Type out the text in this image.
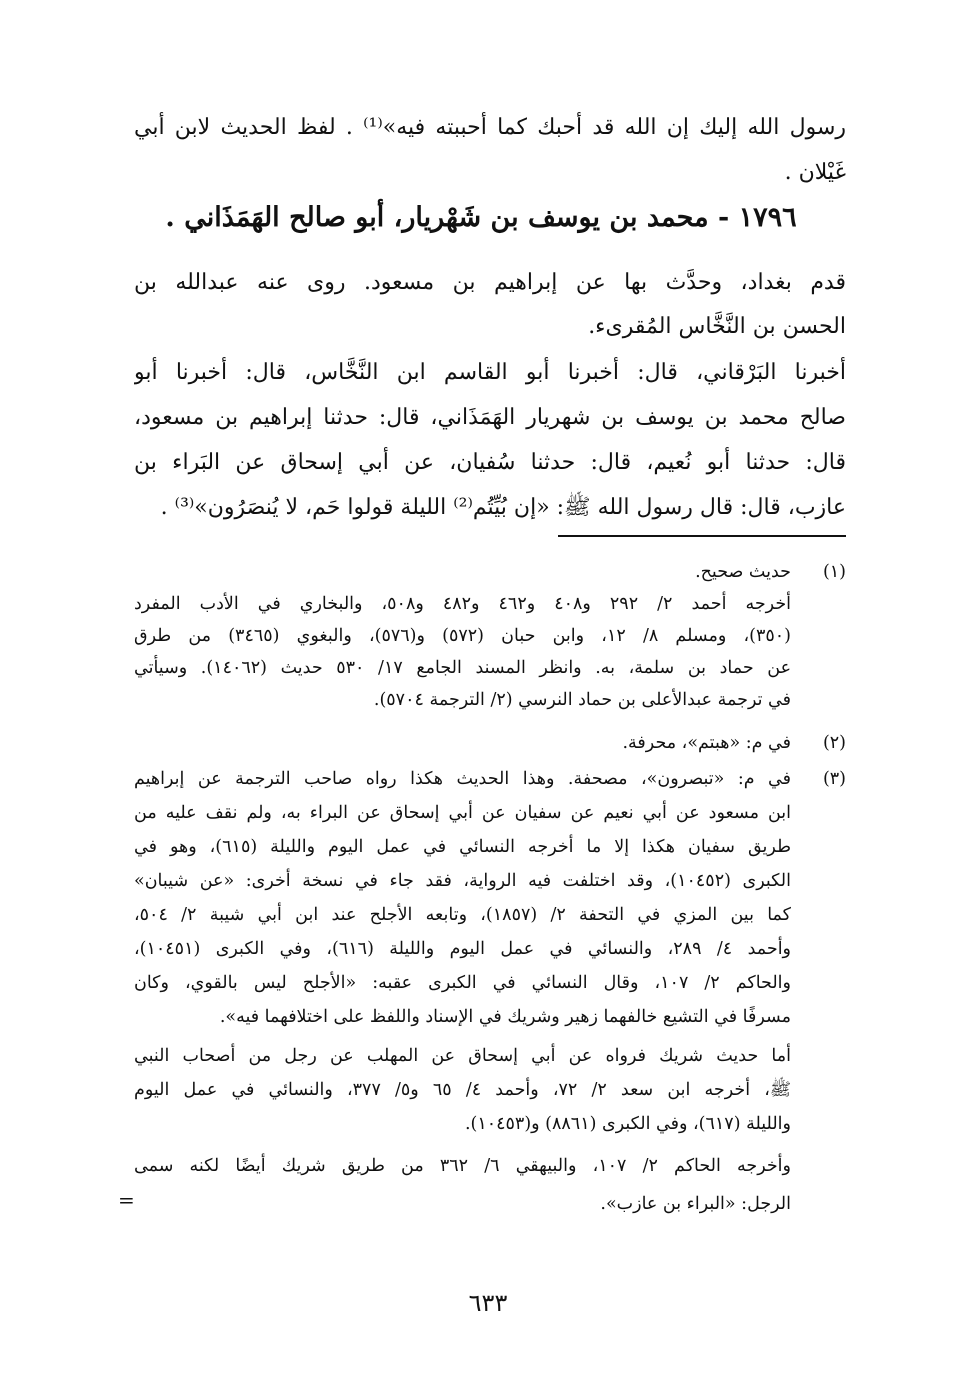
رسول الله إليك إن الله قد أحبك كما أحببته فيه»⁽¹⁾ . لفظ الحديث لابن أبي
غَيْلان .
١٧٩٦ - محمد بن يوسف بن شَهْريار، أبو صالح الهَمَذَاني .
قدم بغداد، وحدَّث بها عن إبراهيم بن مسعود. روى عنه عبدالله بن
الحسن بن النَّخَّاس المُقرىء.
أخبرنا البَرْقاني، قال: أخبرنا أبو القاسم ابن النَّخَّاس، قال: أخبرنا أبو
صالح محمد بن يوسف بن شهريار الهَمَذَاني، قال: حدثنا إبراهيم بن مسعود،
قال: حدثنا أبو نُعيم، قال: حدثنا سُفيان، عن أبي إسحاق عن البَراء بن
عازب، قال: قال رسول الله ﷺ: «إن بُيِّتُم⁽²⁾ الليلة قولوا حَم، لا يُنصَرُون»⁽³⁾ .
(١)
حديث صحيح.
أخرجه أحمد ٢/ ٢٩٢ و٤٠٨ و٤٦٢ و٤٨٢ و٥٠٨، والبخاري في الأدب المفرد
(٣٥٠)، ومسلم ٨/ ١٢، وابن حبان (٥٧٢) و(٥٧٦)، والبغوي (٣٤٦٥) من طرق
عن حماد بن سلمة، به. وانظر المسند الجامع ١٧/ ٥٣٠ حديث (١٤٠٦٢). وسيأتي
في ترجمة عبدالأعلى بن حماد النرسي (٢/ الترجمة ٥٧٠٤).
(٢)
في م: «هبتم»، محرفة.
(٣)
في م: «تبصرون»، مصحفة. وهذا الحديث هكذا رواه صاحب الترجمة عن إبراهيم
ابن مسعود عن أبي نعيم عن سفيان عن أبي إسحاق عن البراء به، ولم نقف عليه من
طريق سفيان هكذا إلا ما أخرجه النسائي في عمل اليوم والليلة (٦١٥)، وهو في
الكبرى (١٠٤٥٢)، وقد اختلفت فيه الرواية، فقد جاء في نسخة أخرى: «عن شيبان»
كما بين المزي في التحفة ٢/ (١٨٥٧)، وتابعه الأجلح عند ابن أبي شيبة ٢/ ٥٠٤،
وأحمد ٤/ ٢٨٩، والنسائي في عمل اليوم والليلة (٦١٦)، وفي الكبرى (١٠٤٥١)،
والحاكم ٢/ ١٠٧، وقال النسائي في الكبرى عقبه: «الأجلح ليس بالقوي، وكان
مسرفًا في التشيع خالفهما زهير وشريك في الإسناد واللفظ على اختلافهما فيه».
أما حديث شريك فرواه عن أبي إسحاق عن المهلب عن رجل من أصحاب النبي
ﷺ، أخرجه ابن سعد ٢/ ٧٢، وأحمد ٤/ ٦٥ و٥/ ٣٧٧، والنسائي في عمل اليوم
والليلة (٦١٧)، وفي الكبرى (٨٨٦١) و(١٠٤٥٣).
وأخرجه الحاكم ٢/ ١٠٧، والبيهقي ٦/ ٣٦٢ من طريق شريك أيضًا لكنه سمى
الرجل: «البراء بن عازب».
=
٦٣٣
